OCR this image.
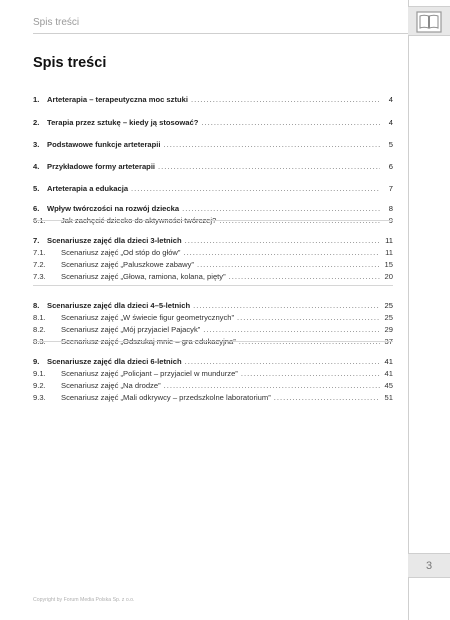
Spis treści
Spis treści
1.	Arteterapia – terapeutyczna moc sztuki .....	4
2.	Terapia przez sztukę – kiedy ją stosować? .....	4
3.	Podstawowe funkcje arteterapii .....	5
4.	Przykładowe formy arteterapii .....	6
5.	Arteterapia a edukacja .....	7
6.	Wpływ twórczości na rozwój dziecka .....	8
6.1.	Jak zachęcić dziecko do aktywności twórczej? .....	9
7.	Scenariusze zajęć dla dzieci 3-letnich .....	11
7.1.	Scenariusz zajęć „Od stóp do głów” .....	11
7.2.	Scenariusz zajęć „Paluszkowe zabawy” .....	15
7.3.	Scenariusz zajęć „Głowa, ramiona, kolana, pięty” .....	20
8.	Scenariusze zajęć dla dzieci 4–5-letnich .....	25
8.1.	Scenariusz zajęć „W świecie figur geometrycznych” .....	25
8.2.	Scenariusz zajęć „Mój przyjaciel Pajacyk” .....	29
8.3.	Scenariusz zajęć „Odszukaj mnie – gra edukacyjna” .....	37
9.	Scenariusze zajęć dla dzieci 6-letnich .....	41
9.1.	Scenariusz zajęć „Policjant – przyjaciel w mundurze” .....	41
9.2.	Scenariusz zajęć „Na drodze” .....	45
9.3.	Scenariusz zajęć „Mali odkrywcy – przedszkolne laboratorium” .....	51
3
Copyright by Forum Media Polska Sp. z o.o.
